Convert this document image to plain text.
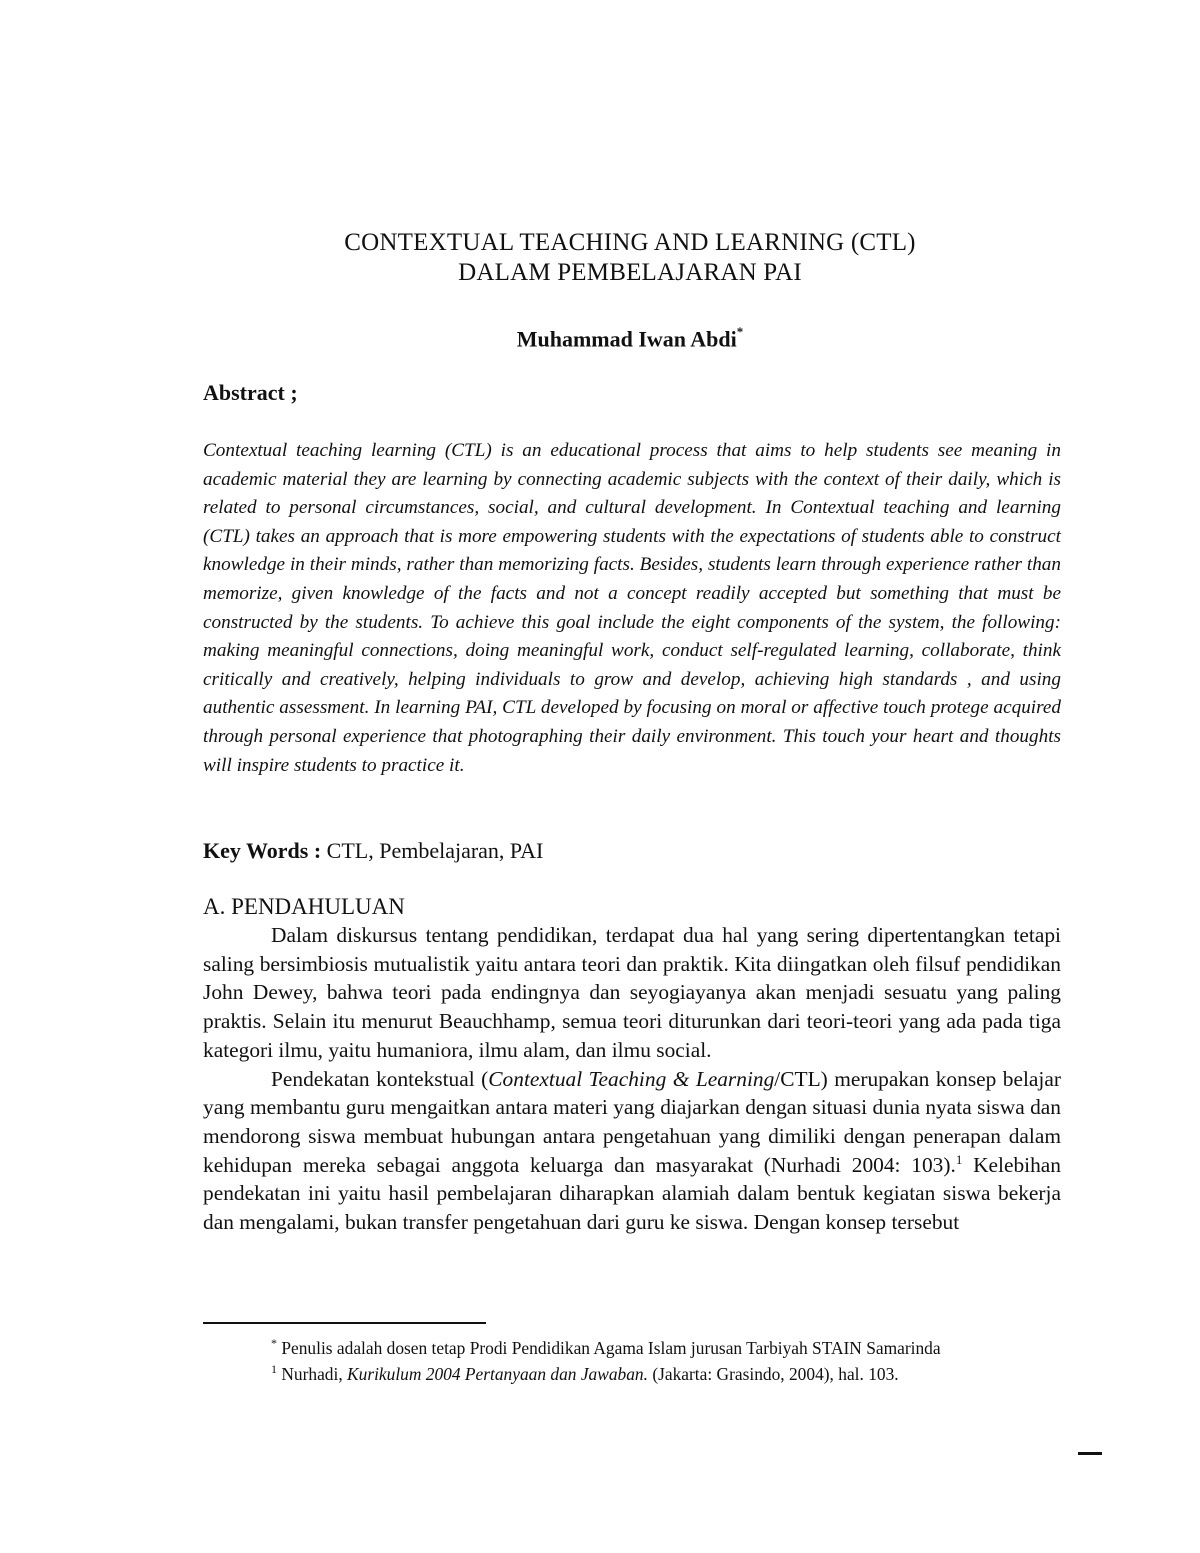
CONTEXTUAL TEACHING AND LEARNING (CTL)
DALAM PEMBELAJARAN PAI
Muhammad Iwan Abdi*
Abstract ;
Contextual teaching learning (CTL) is an educational process that aims to help students see meaning in academic material they are learning by connecting academic subjects with the context of their daily, which is related to personal circumstances, social, and cultural development. In Contextual teaching and learning (CTL) takes an approach that is more empowering students with the expectations of students able to construct knowledge in their minds, rather than memorizing facts. Besides, students learn through experience rather than memorize, given knowledge of the facts and not a concept readily accepted but something that must be constructed by the students. To achieve this goal include the eight components of the system, the following: making meaningful connections, doing meaningful work, conduct self-regulated learning, collaborate, think critically and creatively, helping individuals to grow and develop, achieving high standards , and using authentic assessment. In learning PAI, CTL developed by focusing on moral or affective touch protege acquired through personal experience that photographing their daily environment. This touch your heart and thoughts will inspire students to practice it.
Key Words : CTL, Pembelajaran, PAI
A. PENDAHULUAN

Dalam diskursus tentang pendidikan, terdapat dua hal yang sering dipertentangkan tetapi saling bersimbiosis mutualistik yaitu antara teori dan praktik. Kita diingatkan oleh filsuf pendidikan John Dewey, bahwa teori pada endingnya dan seyogiayanya akan menjadi sesuatu yang paling praktis. Selain itu menurut Beauchhamp, semua teori diturunkan dari teori-teori yang ada pada tiga kategori ilmu, yaitu humaniora, ilmu alam, dan ilmu social.

Pendekatan kontekstual (Contextual Teaching & Learning/CTL) merupakan konsep belajar yang membantu guru mengaitkan antara materi yang diajarkan dengan situasi dunia nyata siswa dan mendorong siswa membuat hubungan antara pengetahuan yang dimiliki dengan penerapan dalam kehidupan mereka sebagai anggota keluarga dan masyarakat (Nurhadi 2004: 103).$^1$ Kelebihan pendekatan ini yaitu hasil pembelajaran diharapkan alamiah dalam bentuk kegiatan siswa bekerja dan mengalami, bukan transfer pengetahuan dari guru ke siswa. Dengan konsep tersebut

* Penulis adalah dosen tetap Prodi Pendidikan Agama Islam jurusan Tarbiyah STAIN Samarinda

$^1$ Nurhadi, Kurikulum 2004 Pertanyaan dan Jawaban. (Jakarta: Grasindo, 2004), hal. 103.
